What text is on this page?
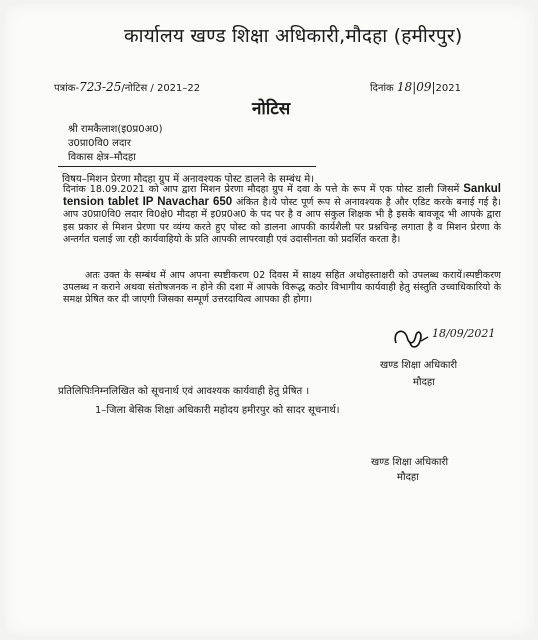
कार्यालय खण्ड शिक्षा अधिकारी,मौदहा (हमीरपुर)
पत्रांक-723-25/नोटिस / 2021–22	दिनांक 18|09|2021
नोटिस
श्री रामकैलाश(इ0प्र0अ0)
उ0प्रा0वि0 लदार
विकास क्षेत्र–मौदहा
विषय–मिशन प्रेरणा मौदहा ग्रुप में अनावश्यक पोस्ट डालने के सम्बंध मे।
दिनांक 18.09.2021 को आप द्वारा मिशन प्रेरणा मौदहा ग्रुप में दवा के पत्ते के रूप में एक पोस्ट डाली जिसमें Sankul tension tablet IP Navachar 650 अंकित है।ये पोस्ट पूर्ण रूप से अनावश्यक है और एडिट करके बनाई गई है।आप उ0प्रा0वि0 लदार वि0क्षे0 मौदहा में इ0प्र0अ0 के पद पर है व आप संकुल शिक्षक भी है इसके बावजूद भी आपके द्वारा इस प्रकार से मिशन प्रेरणा पर व्यंग्य करते हुए पोस्ट को डालना आपकी कार्यशैली पर प्रश्नचिन्ह लगाता है व मिशन प्रेरणा के अन्तर्गत चलाई जा रही कार्यवाहियो के प्रति आपकी लापरवाही एवं उदासीनता को प्रदर्शित करता है।
अतः उक्त के सम्बंध में आप अपना स्पष्टीकरण 02 दिवस में साक्ष्य सहित अधोहस्ताक्षरी को उपलब्ध करायें।स्पष्टीकरण उपलब्ध न कराने अथवा संतोषजनक न होने की दशा में आपके विरूद्ध कठोर विभागीय कार्यवाही हेतु संस्तुति उच्चाधिकारियो के समक्ष प्रेषित कर दी जाएगी जिसका सम्पूर्ण उत्तरदायित्व आपका ही होगा।
18/09/2021
खण्ड शिक्षा अधिकारी
मौदहा
प्रतिलिपिःनिम्नलिखित को सूचनार्थ एवं आवश्यक कार्यवाही हेतु प्रेषित ।
1–जिला बेसिक शिक्षा अधिकारी महोदय हमीरपुर को सादर सूचनार्थ।
खण्ड शिक्षा अधिकारी
मौदहा
